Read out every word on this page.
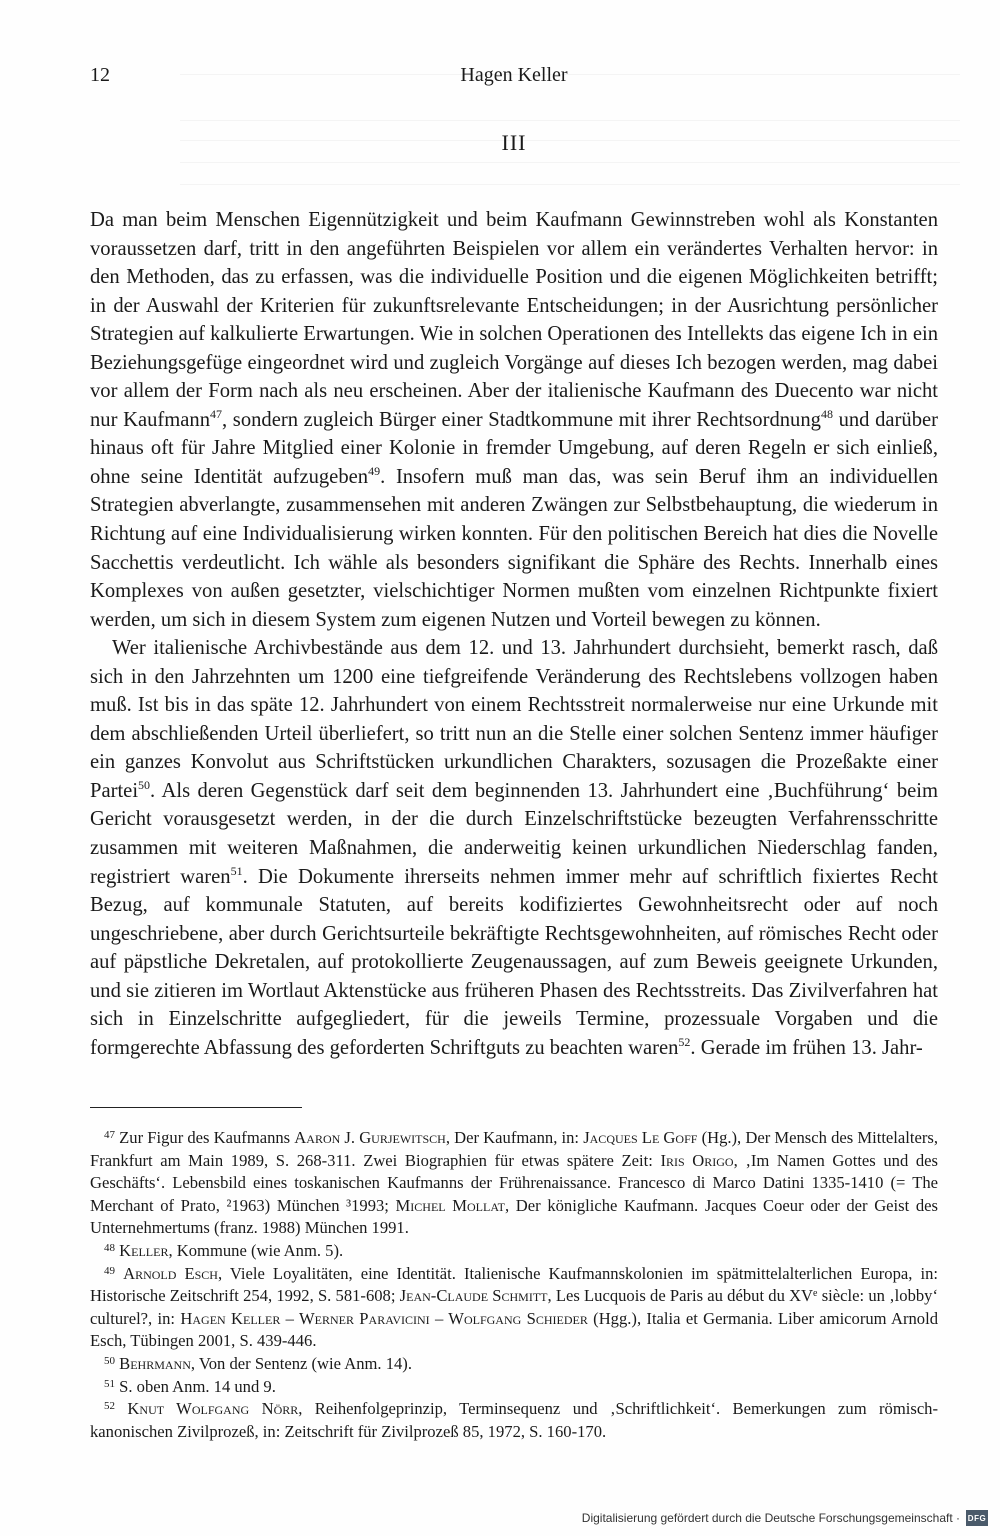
12	Hagen Keller
III

Da man beim Menschen Eigennützigkeit und beim Kaufmann Gewinnstreben wohl als Konstanten voraussetzen darf, tritt in den angeführten Beispielen vor allem ein verändertes Verhalten hervor: in den Methoden, das zu erfassen, was die individuelle Position und die eigenen Möglichkeiten betrifft; in der Auswahl der Kriterien für zukunftsrelevante Entscheidungen; in der Ausrichtung persönlicher Strategien auf kalkulierte Erwartungen. Wie in solchen Operationen des Intellekts das eigene Ich in ein Beziehungsgefüge eingeordnet wird und zugleich Vorgänge auf dieses Ich bezogen werden, mag dabei vor allem der Form nach als neu erscheinen. Aber der italienische Kaufmann des Duecento war nicht nur Kaufmann$^{47}$, sondern zugleich Bürger einer Stadtkommune mit ihrer Rechtsordnung$^{48}$ und darüber hinaus oft für Jahre Mitglied einer Kolonie in fremder Umgebung, auf deren Regeln er sich einließ, ohne seine Identität aufzugeben$^{49}$. Insofern muß man das, was sein Beruf ihm an individuellen Strategien abverlangte, zusammensehen mit anderen Zwängen zur Selbstbehauptung, die wiederum in Richtung auf eine Individualisierung wirken konnten. Für den politischen Bereich hat dies die Novelle Sacchettis verdeutlicht. Ich wähle als besonders signifikant die Sphäre des Rechts. Innerhalb eines Komplexes von außen gesetzter, vielschichtiger Normen mußten vom einzelnen Richtpunkte fixiert werden, um sich in diesem System zum eigenen Nutzen und Vorteil bewegen zu können.

Wer italienische Archivbestände aus dem 12. und 13. Jahrhundert durchsieht, bemerkt rasch, daß sich in den Jahrzehnten um 1200 eine tiefgreifende Veränderung des Rechtslebens vollzogen haben muß. Ist bis in das späte 12. Jahrhundert von einem Rechtsstreit normalerweise nur eine Urkunde mit dem abschließenden Urteil überliefert, so tritt nun an die Stelle einer solchen Sentenz immer häufiger ein ganzes Konvolut aus Schriftstücken urkundlichen Charakters, sozusagen die Prozeßakte einer Partei$^{50}$. Als deren Gegenstück darf seit dem beginnenden 13. Jahrhundert eine ‚Buchführung‘ beim Gericht vorausgesetzt werden, in der die durch Einzelschriftstücke bezeugten Verfahrensschritte zusammen mit weiteren Maßnahmen, die anderweitig keinen urkundlichen Niederschlag fanden, registriert waren$^{51}$. Die Dokumente ihrerseits nehmen immer mehr auf schriftlich fixiertes Recht Bezug, auf kommunale Statuten, auf bereits kodifiziertes Gewohnheitsrecht oder auf noch ungeschriebene, aber durch Gerichtsurteile bekräftigte Rechtsgewohnheiten, auf römisches Recht oder auf päpstliche Dekretalen, auf protokollierte Zeugenaussagen, auf zum Beweis geeignete Urkunden, und sie zitieren im Wortlaut Aktenstücke aus früheren Phasen des Rechtsstreits. Das Zivilverfahren hat sich in Einzelschritte aufgegliedert, für die jeweils Termine, prozessuale Vorgaben und die formgerechte Abfassung des geforderten Schriftguts zu beachten waren$^{52}$. Gerade im frühen 13. Jahr-

$^{47}$ Zur Figur des Kaufmanns Aaron J. Gurjewitsch, Der Kaufmann, in: Jacques Le Goff (Hg.), Der Mensch des Mittelalters, Frankfurt am Main 1989, S. 268-311. Zwei Biographien für etwas spätere Zeit: Iris Origo, ‚Im Namen Gottes und des Geschäfts‘. Lebensbild eines toskanischen Kaufmanns der Frührenaissance. Francesco di Marco Datini 1335-1410 (= The Merchant of Prato, ²1963) München ³1993; Michel Mollat, Der königliche Kaufmann. Jacques Coeur oder der Geist des Unternehmertums (franz. 1988) München 1991.

$^{48}$ Keller, Kommune (wie Anm. 5).

$^{49}$ Arnold Esch, Viele Loyalitäten, eine Identität. Italienische Kaufmannskolonien im spätmittelalterlichen Europa, in: Historische Zeitschrift 254, 1992, S. 581-608; Jean-Claude Schmitt, Les Lucquois de Paris au début du XVe siècle: un ‚lobby‘ culturel?, in: Hagen Keller – Werner Paravicini – Wolfgang Schieder (Hgg.), Italia et Germania. Liber amicorum Arnold Esch, Tübingen 2001, S. 439-446.

$^{50}$ Behrmann, Von der Sentenz (wie Anm. 14).

$^{51}$ S. oben Anm. 14 und 9.

$^{52}$ Knut Wolfgang Nörr, Reihenfolgeprinzip, Terminsequenz und ‚Schriftlichkeit‘. Bemerkungen zum römisch-kanonischen Zivilprozeß, in: Zeitschrift für Zivilprozeß 85, 1972, S. 160-170.

Digitalisierung gefördert durch die Deutsche Forschungsgemeinschaft · DFG
